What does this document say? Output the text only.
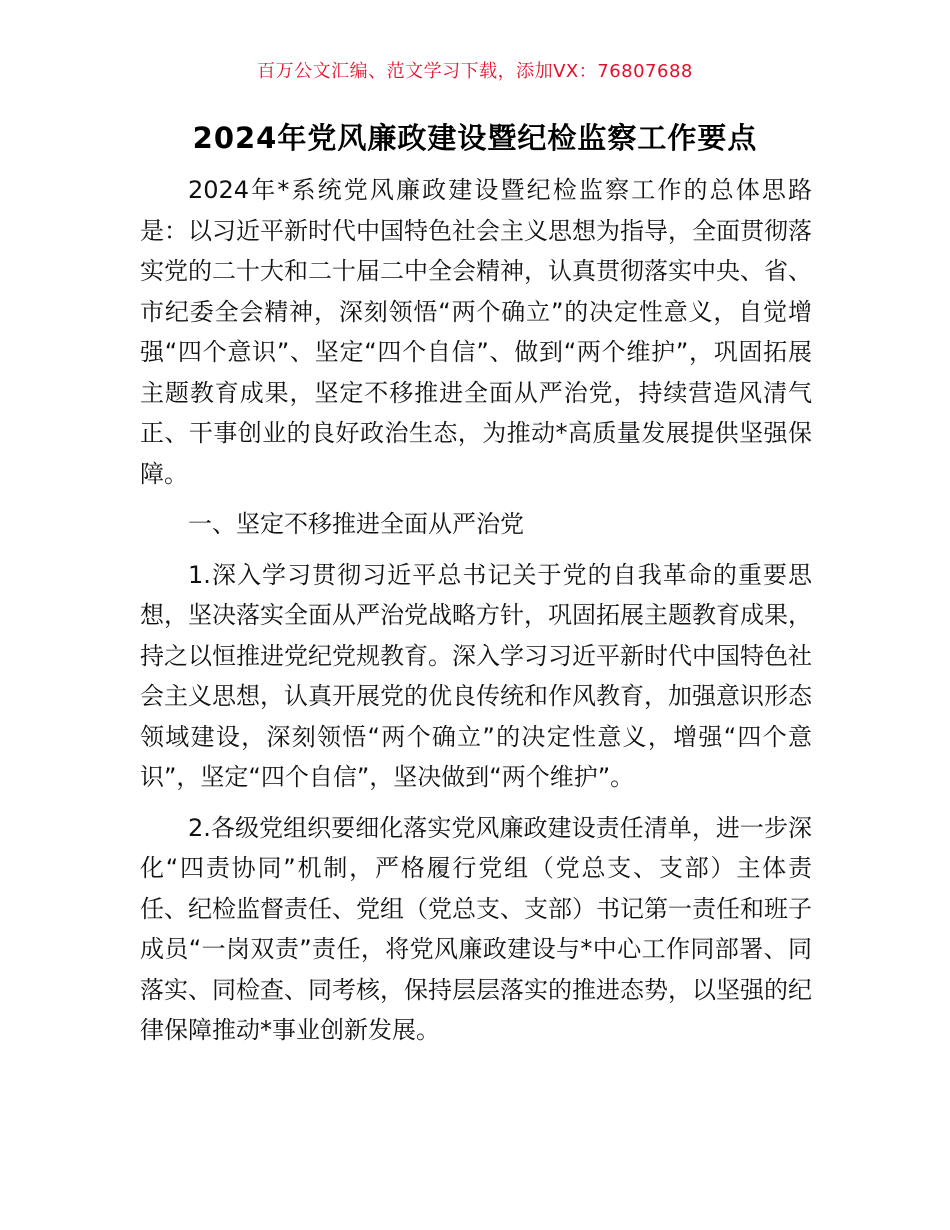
百万公文汇编、范文学习下载，添加VX：76807688
2024年党风廉政建设暨纪检监察工作要点

2024年*系统党风廉政建设暨纪检监察工作的总体思路是：以习近平新时代中国特色社会主义思想为指导，全面贯彻落实党的二十大和二十届二中全会精神，认真贯彻落实中央、省、市纪委全会精神，深刻领悟“两个确立”的决定性意义，自觉增强“四个意识”、坚定“四个自信”、做到“两个维护”，巩固拓展主题教育成果，坚定不移推进全面从严治党，持续营造风清气正、干事创业的良好政治生态，为推动*高质量发展提供坚强保障。

一、坚定不移推进全面从严治党

1.深入学习贯彻习近平总书记关于党的自我革命的重要思想，坚决落实全面从严治党战略方针，巩固拓展主题教育成果，持之以恒推进党纪党规教育。深入学习习近平新时代中国特色社会主义思想，认真开展党的优良传统和作风教育，加强意识形态领域建设，深刻领悟“两个确立”的决定性意义，增强“四个意识”，坚定“四个自信”，坚决做到“两个维护”。

2.各级党组织要细化落实党风廉政建设责任清单，进一步深化“四责协同”机制，严格履行党组（党总支、支部）主体责任、纪检监督责任、党组（党总支、支部）书记第一责任和班子成员“一岗双责”责任，将党风廉政建设与*中心工作同部署、同落实、同检查、同考核，保持层层落实的推进态势，以坚强的纪律保障推动*事业创新发展。
